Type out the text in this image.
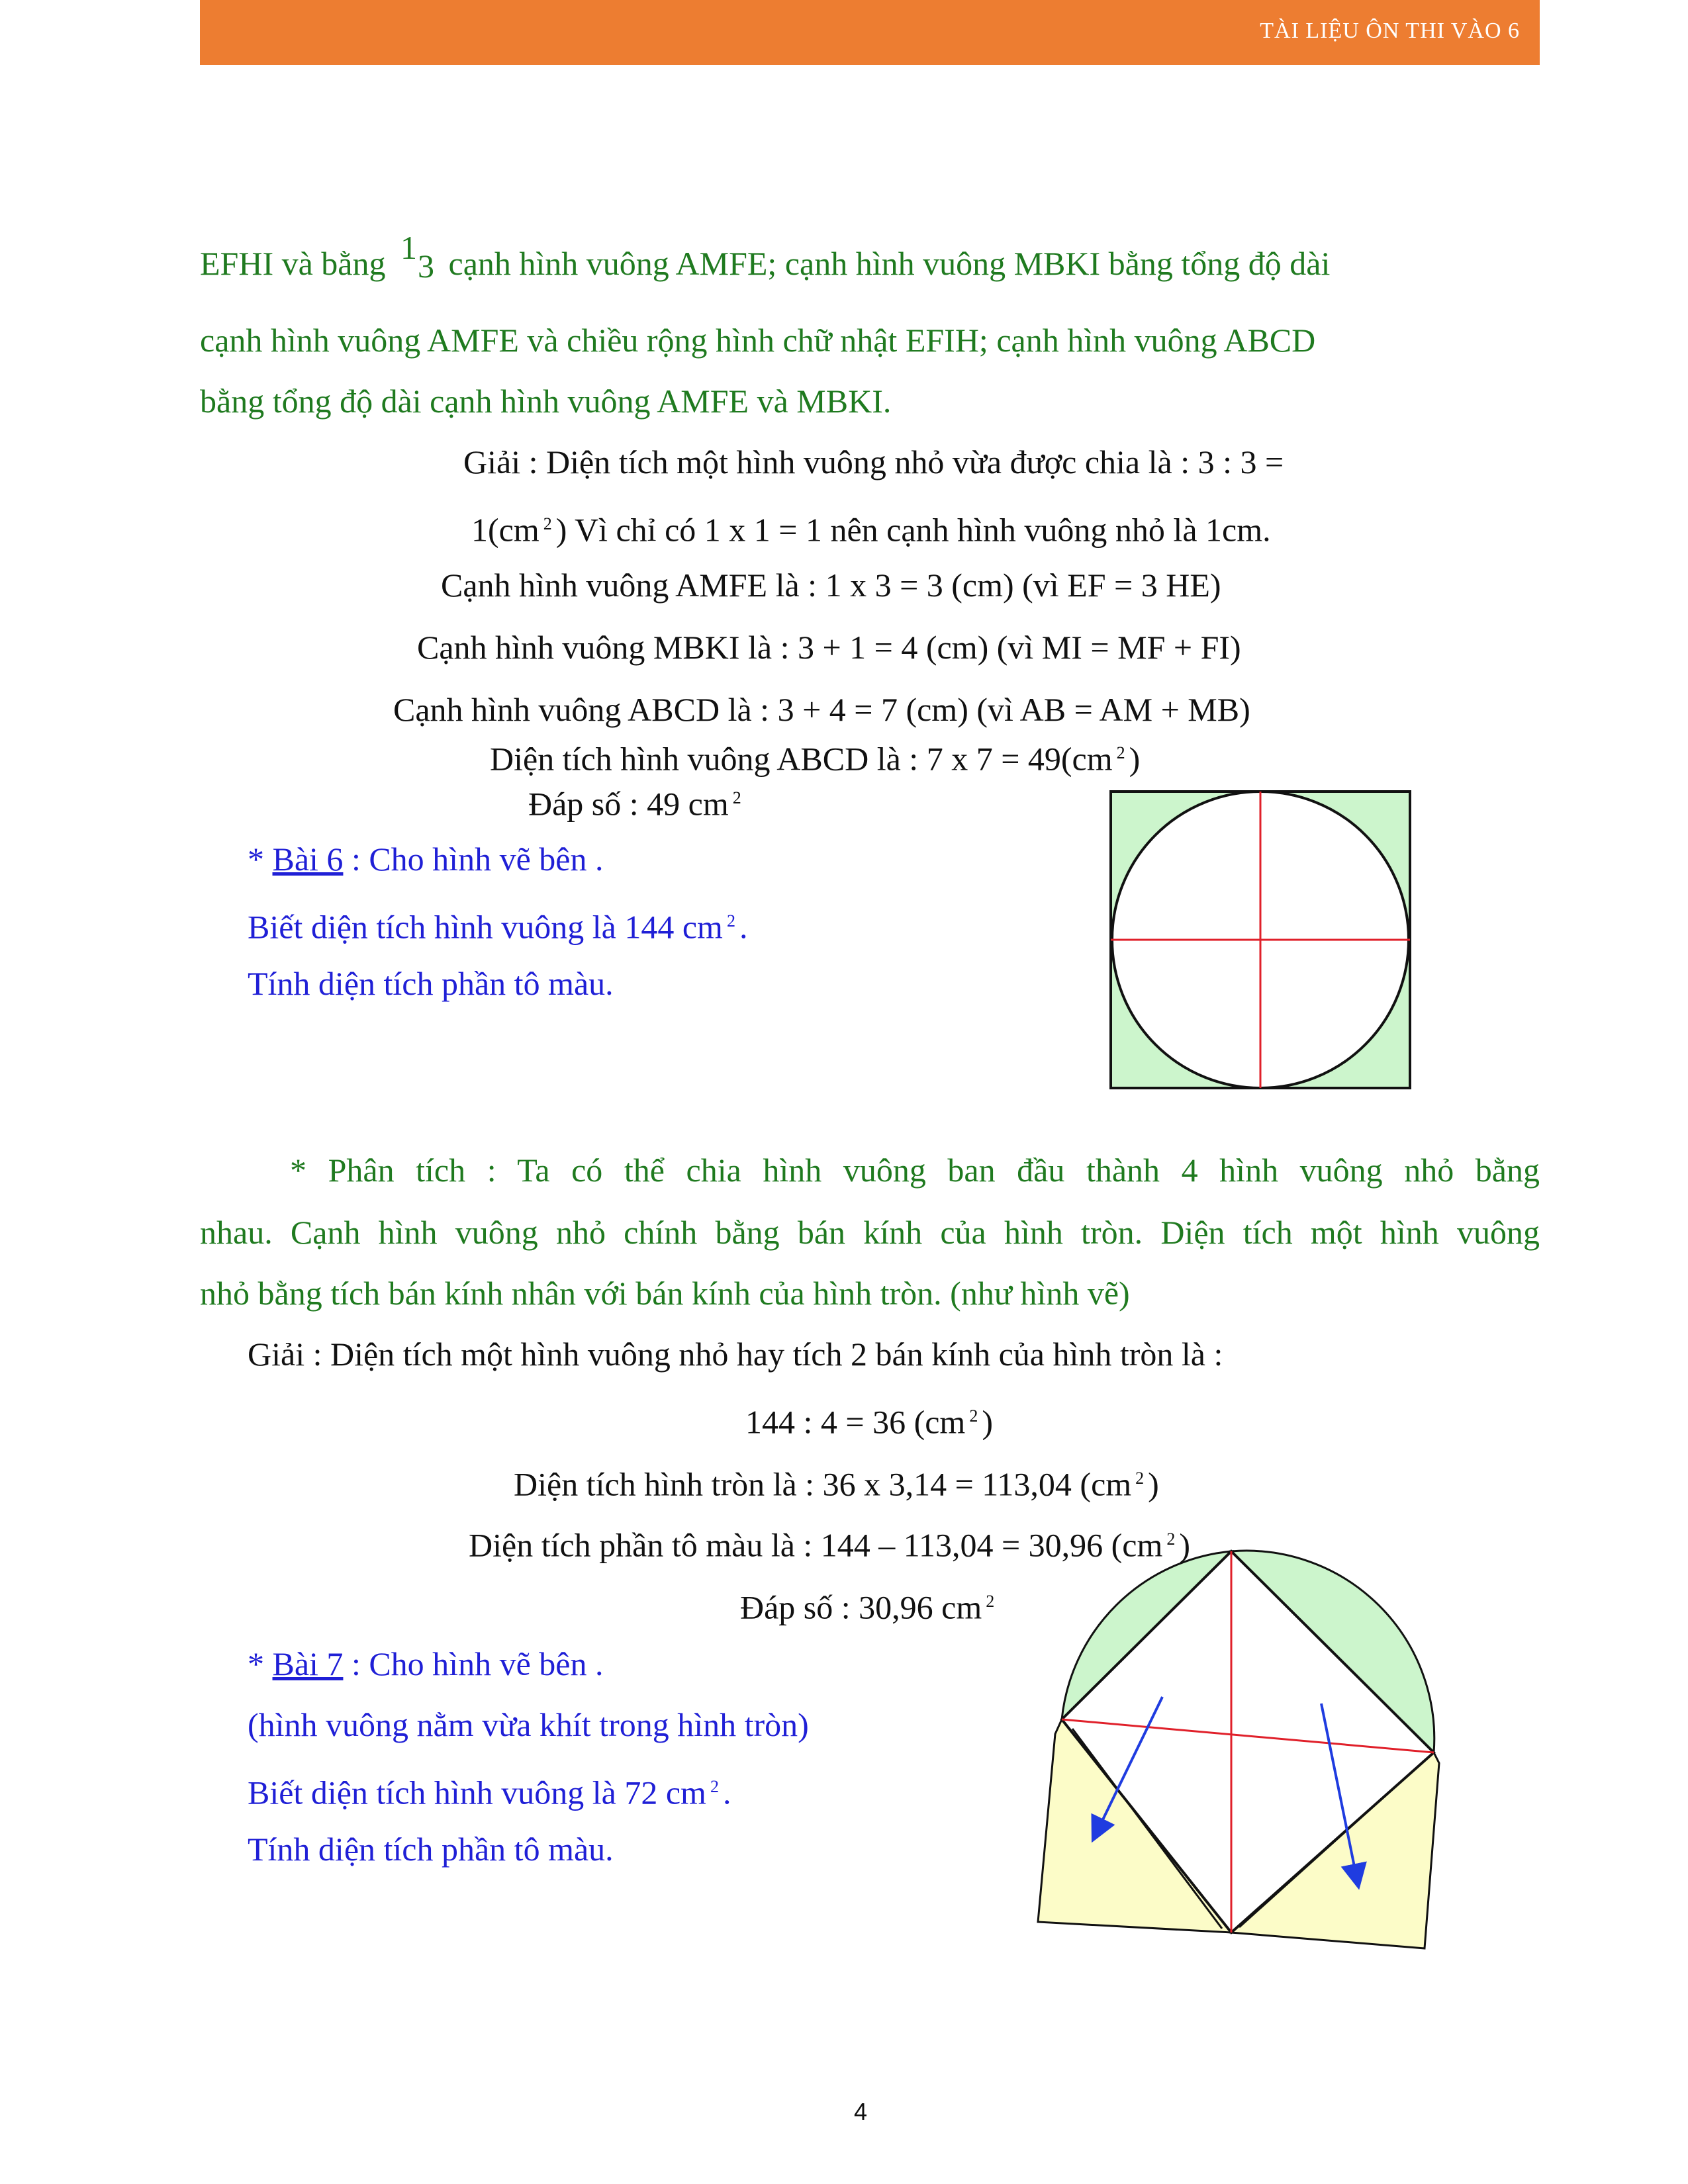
TÀI LIỆU ÔN THI VÀO 6
EFHI và bằng 1 3 cạnh hình vuông AMFE; cạnh hình vuông MBKI bằng tổng độ dài
cạnh hình vuông AMFE và chiều rộng hình chữ nhật EFIH; cạnh hình vuông ABCD
bằng tổng độ dài cạnh hình vuông AMFE và MBKI.
Giải : Diện tích một hình vuông nhỏ vừa được chia là : 3 : 3 =
1(cm $^2$ ) Vì chỉ có 1 x 1 = 1 nên cạnh hình vuông nhỏ là 1cm.
Cạnh hình vuông AMFE là : 1 x 3 = 3 (cm) (vì EF = 3 HE)
Cạnh hình vuông MBKI là : 3 + 1 = 4 (cm) (vì MI = MF + FI)
Cạnh hình vuông ABCD là : 3 + 4 = 7 (cm) (vì AB = AM + MB)
Diện tích hình vuông ABCD là : 7 x 7 = 49(cm $^2$ )
Đáp số : 49 cm $^2$
* Bài 6 : Cho hình vẽ bên .
Biết diện tích hình vuông là 144 cm $^2$ .
Tính diện tích phần tô màu.
* Phân tích : Ta có thể chia hình vuông ban đầu thành 4 hình vuông nhỏ bằng
nhau. Cạnh hình vuông nhỏ chính bằng bán kính của hình tròn. Diện tích một hình vuông
nhỏ bằng tích bán kính nhân với bán kính của hình tròn. (như hình vẽ)
Giải : Diện tích một hình vuông nhỏ hay tích 2 bán kính của hình tròn là :
144 : 4 = 36 (cm $^2$ )
Diện tích hình tròn là : 36 x 3,14 = 113,04 (cm $^2$ )
Diện tích phần tô màu là : 144 – 113,04 = 30,96 (cm $^2$ )
Đáp số : 30,96 cm $^2$
* Bài 7 : Cho hình vẽ bên .
(hình vuông nằm vừa khít trong hình tròn)
Biết diện tích hình vuông là 72 cm $^2$ .
Tính diện tích phần tô màu.
4
